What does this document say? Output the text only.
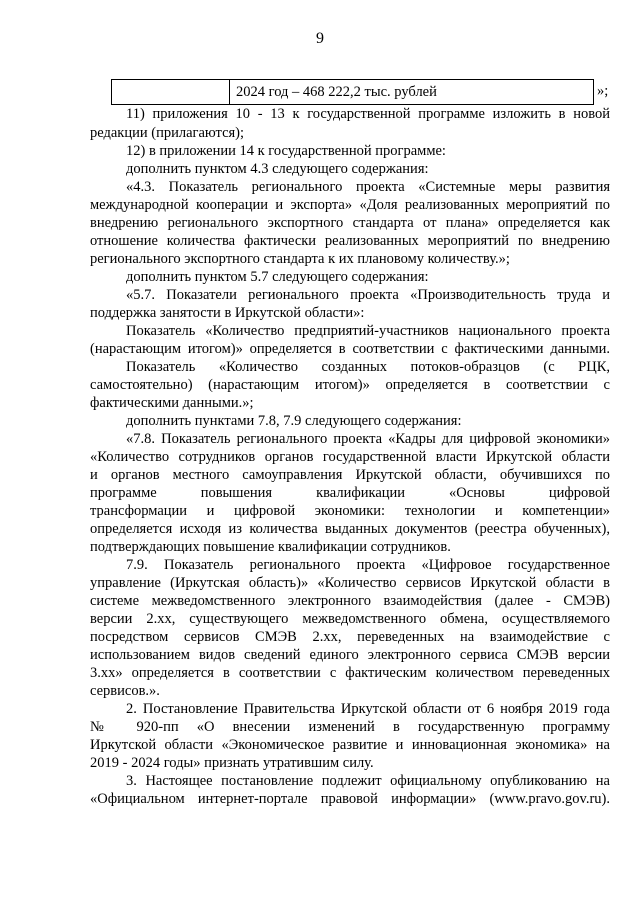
9
2024 год – 468 222,2 тыс. рублей	»;
11) приложения 10 - 13 к государственной программе изложить в новой
редакции (прилагаются);
12) в приложении 14 к государственной программе:
дополнить пунктом 4.3 следующего содержания:
«4.3. Показатель регионального проекта «Системные меры развития
международной кооперации и экспорта» «Доля реализованных мероприятий по
внедрению регионального экспортного стандарта от плана» определяется как
отношение количества фактически реализованных мероприятий по внедрению
регионального экспортного стандарта к их плановому количеству.»;
дополнить пунктом 5.7 следующего содержания:
«5.7. Показатели регионального проекта «Производительность труда и
поддержка занятости в Иркутской области»:
Показатель «Количество предприятий-участников национального проекта
(нарастающим итогом)» определяется в соответствии с фактическими данными.
Показатель «Количество созданных потоков-образцов (с РЦК,
самостоятельно) (нарастающим итогом)» определяется в соответствии с
фактическими данными.»;
дополнить пунктами 7.8, 7.9 следующего содержания:
«7.8. Показатель регионального проекта «Кадры для цифровой экономики»
«Количество сотрудников органов государственной власти Иркутской области
и органов местного самоуправления Иркутской области, обучившихся по
программе повышения квалификации «Основы цифровой
трансформации и цифровой экономики: технологии и компетенции»
определяется исходя из количества выданных документов (реестра обученных),
подтверждающих повышение квалификации сотрудников.
7.9. Показатель регионального проекта «Цифровое государственное
управление (Иркутская область)» «Количество сервисов Иркутской области в
системе межведомственного электронного взаимодействия (далее - СМЭВ)
версии 2.хх, существующего межведомственного обмена, осуществляемого
посредством сервисов СМЭВ 2.хх, переведенных на взаимодействие с
использованием видов сведений единого электронного сервиса СМЭВ версии
3.хх» определяется в соответствии с фактическим количеством переведенных
сервисов.».
2. Постановление Правительства Иркутской области от 6 ноября 2019 года
№ 920-пп «О внесении изменений в государственную программу
Иркутской области «Экономическое развитие и инновационная экономика» на
2019 - 2024 годы» признать утратившим силу.
3. Настоящее постановление подлежит официальному опубликованию на
«Официальном интернет-портале правовой информации» (www.pravo.gov.ru).
